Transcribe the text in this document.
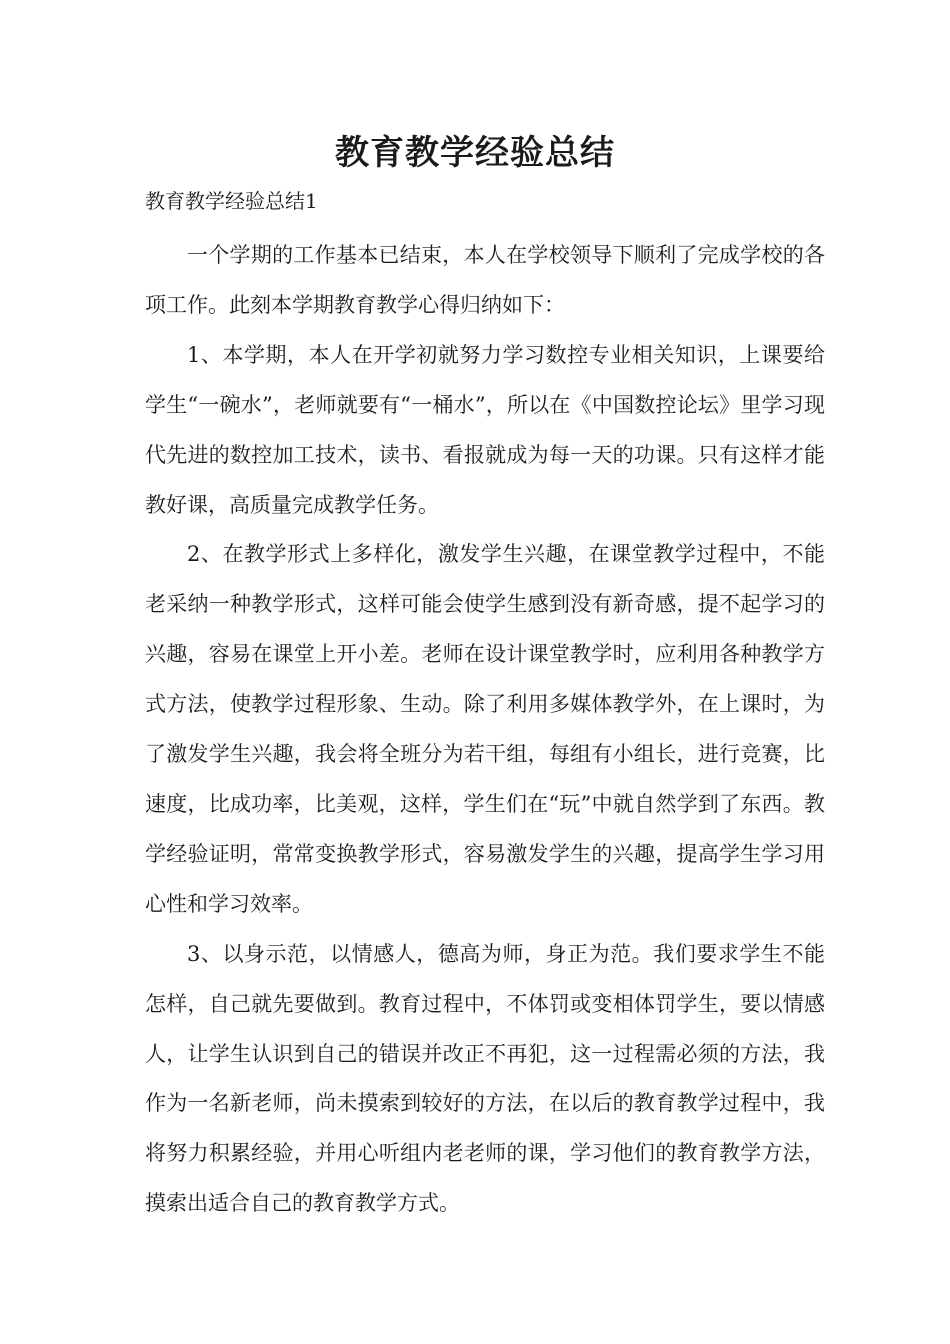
教育教学经验总结

教育教学经验总结1

一个学期的工作基本已结束，本人在学校领导下顺利了完成学校的各项工作。此刻本学期教育教学心得归纳如下：

1、本学期，本人在开学初就努力学习数控专业相关知识，上课要给学生“一碗水”，老师就要有“一桶水”，所以在《中国数控论坛》里学习现代先进的数控加工技术，读书、看报就成为每一天的功课。只有这样才能教好课，高质量完成教学任务。

2、在教学形式上多样化，激发学生兴趣，在课堂教学过程中，不能老采纳一种教学形式，这样可能会使学生感到没有新奇感，提不起学习的兴趣，容易在课堂上开小差。老师在设计课堂教学时，应利用各种教学方式方法，使教学过程形象、生动。除了利用多媒体教学外，在上课时，为了激发学生兴趣，我会将全班分为若干组，每组有小组长，进行竞赛，比速度，比成功率，比美观，这样，学生们在“玩”中就自然学到了东西。教学经验证明，常常变换教学形式，容易激发学生的兴趣，提高学生学习用心性和学习效率。

3、以身示范，以情感人，德高为师，身正为范。我们要求学生不能怎样，自己就先要做到。教育过程中，不体罚或变相体罚学生，要以情感人，让学生认识到自己的错误并改正不再犯，这一过程需必须的方法，我作为一名新老师，尚未摸索到较好的方法，在以后的教育教学过程中，我将努力积累经验，并用心听组内老老师的课，学习他们的教育教学方法，摸索出适合自己的教育教学方式。
